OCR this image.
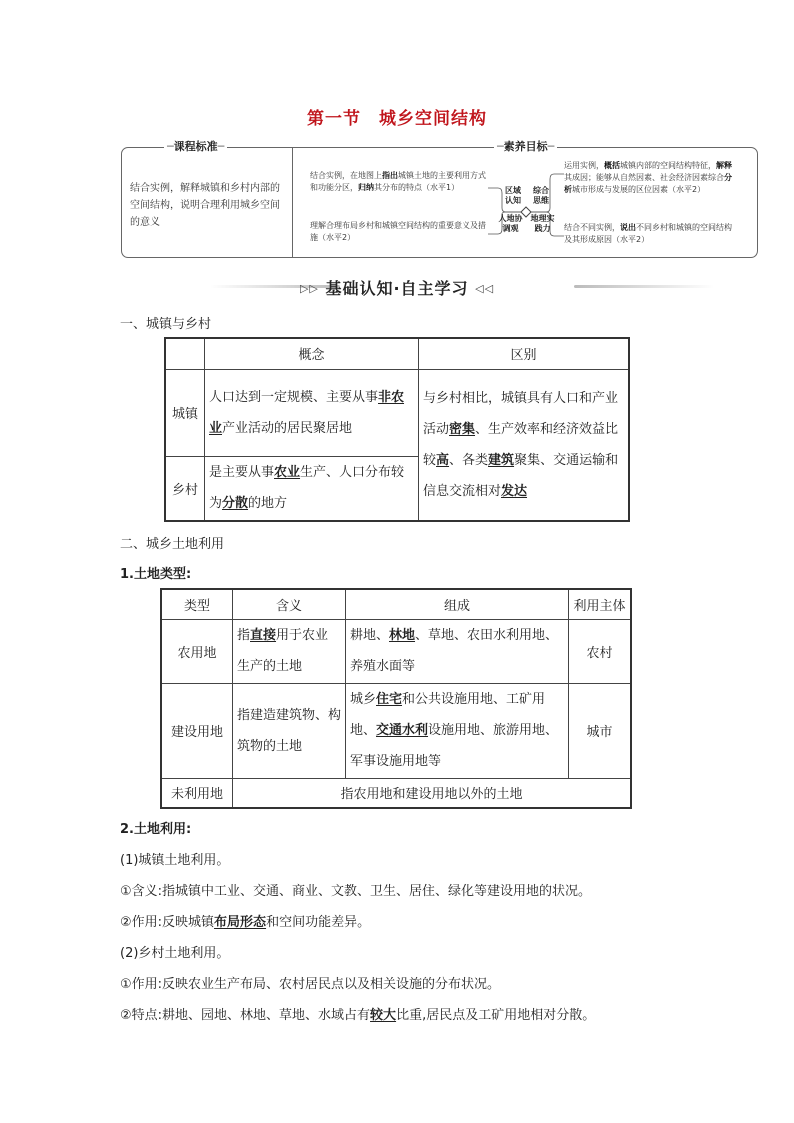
第一节 城乡空间结构
─课程标准─	─素养目标─
结合实例，解释城镇和乡村内部的空间结构，说明合理利用城乡空间的意义
结合实例，在地图上指出城镇土地的主要利用方式和功能分区，归纳其分布的特点（水平1）
理解合理布局乡村和城镇空间结构的重要意义及措施（水平2）
运用实例，概括城镇内部的空间结构特征，解释其成因；能够从自然因素、社会经济因素综合分析城市形成与发展的区位因素（水平2）
结合不同实例，说出不同乡村和城镇的空间结构及其形成原因（水平2）
区域认知
综合思维
人地协调观
地理实践力
▷▷ 基础认知·自主学习 ◁◁
一、城镇与乡村
	概念	区别
城镇	人口达到一定规模、主要从事非农业产业活动的居民聚居地	与乡村相比，城镇具有人口和产业活动密集、生产效率和经济效益比较高、各类建筑聚集、交通运输和信息交流相对发达
乡村	是主要从事农业生产、人口分布较为分散的地方	
二、城乡土地利用
1.土地类型:
类型	含义	组成	利用主体
农用地	指直接用于农业生产的土地	耕地、林地、草地、农田水利用地、养殖水面等	农村
建设用地	指建造建筑物、构筑物的土地	城乡住宅和公共设施用地、工矿用地、交通水利设施用地、旅游用地、军事设施用地等	城市
未利用地	指农用地和建设用地以外的土地		
2.土地利用:
(1)城镇土地利用。
①含义:指城镇中工业、交通、商业、文教、卫生、居住、绿化等建设用地的状况。
②作用:反映城镇布局形态和空间功能差异。
(2)乡村土地利用。
①作用:反映农业生产布局、农村居民点以及相关设施的分布状况。
②特点:耕地、园地、林地、草地、水域占有较大比重,居民点及工矿用地相对分散。
